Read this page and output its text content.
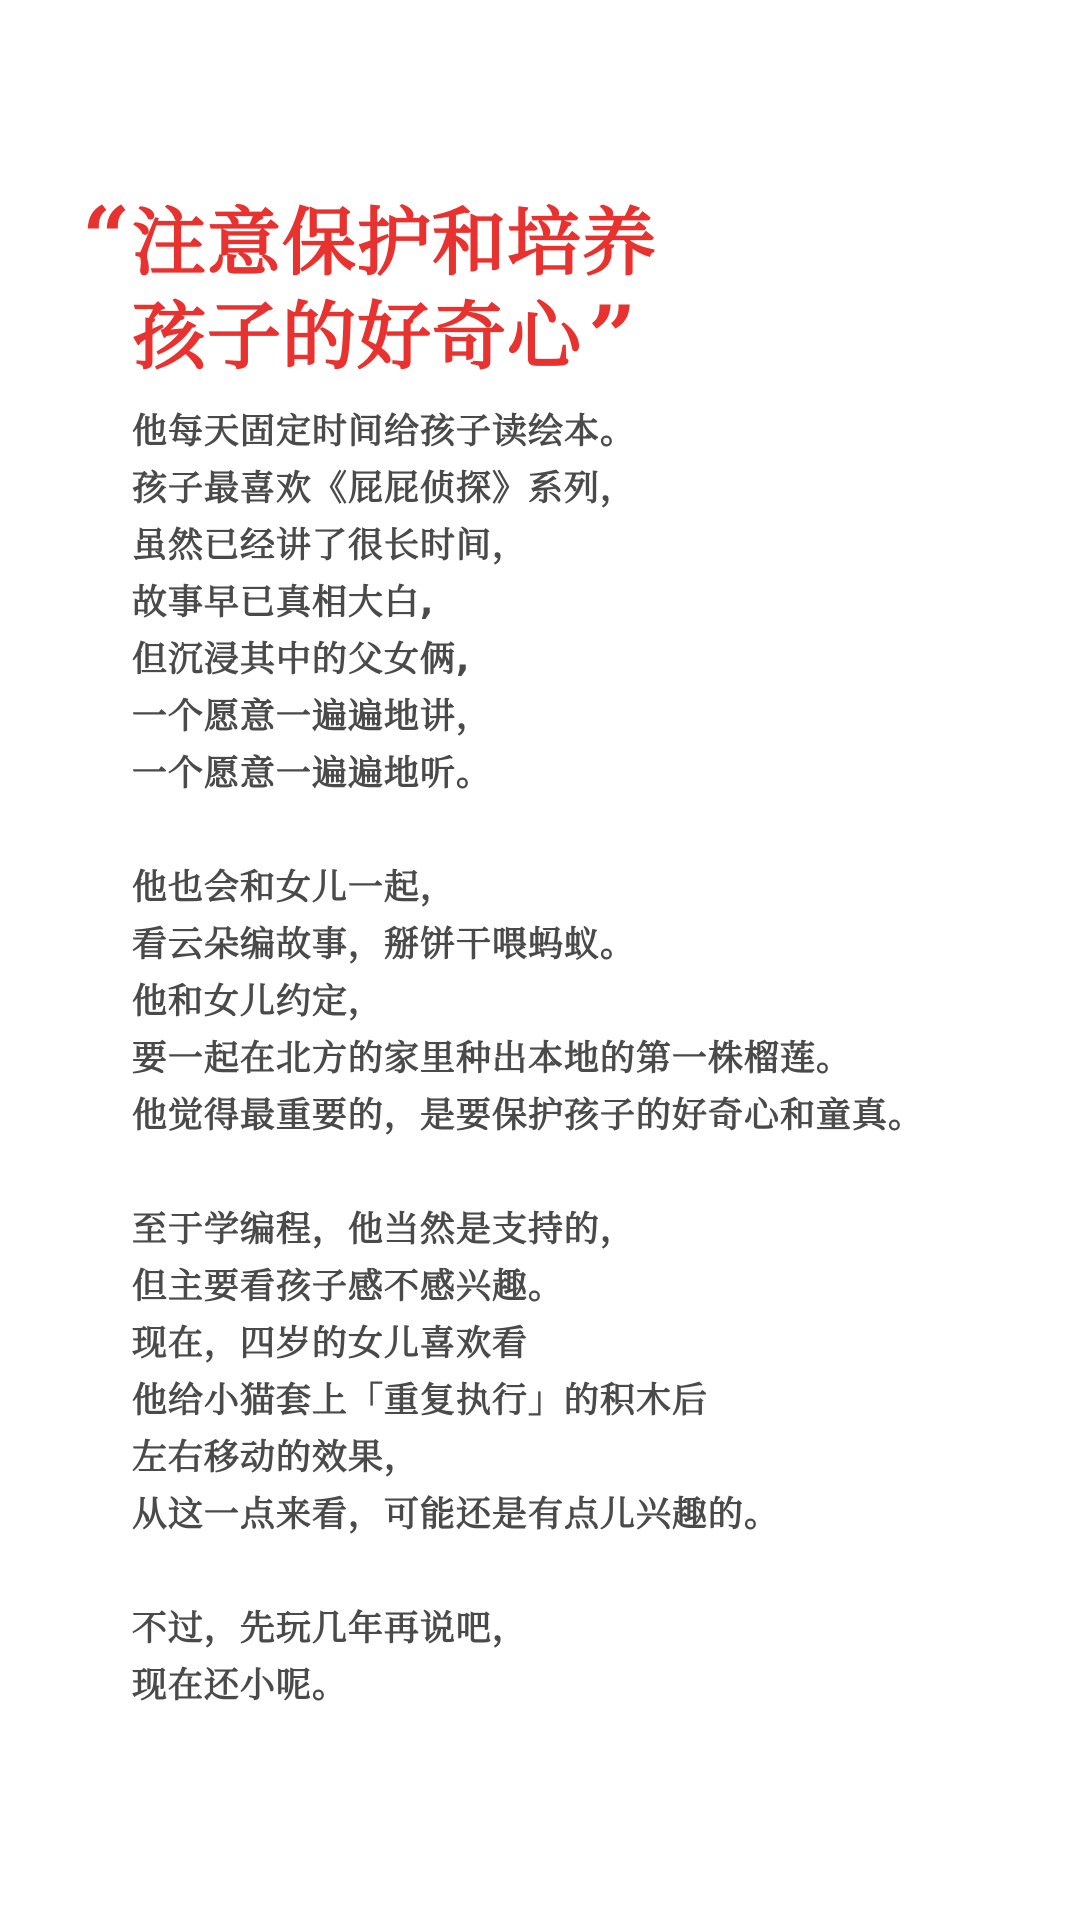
“ 注意保护和培养
孩子的好奇心 ”
他每天固定时间给孩子读绘本。
孩子最喜欢《屁屁侦探》系列，
虽然已经讲了很长时间，
故事早已真相大白,
但沉浸其中的父女俩,
一个愿意一遍遍地讲，
一个愿意一遍遍地听。
他也会和女儿一起，
看云朵编故事，掰饼干喂蚂蚁。
他和女儿约定，
要一起在北方的家里种出本地的第一株榴莲。
他觉得最重要的，是要保护孩子的好奇心和童真。
至于学编程，他当然是支持的，
但主要看孩子感不感兴趣。
现在，四岁的女儿喜欢看
他给小猫套上「重复执行」的积木后
左右移动的效果，
从这一点来看，可能还是有点儿兴趣的。
不过，先玩几年再说吧，
现在还小呢。
